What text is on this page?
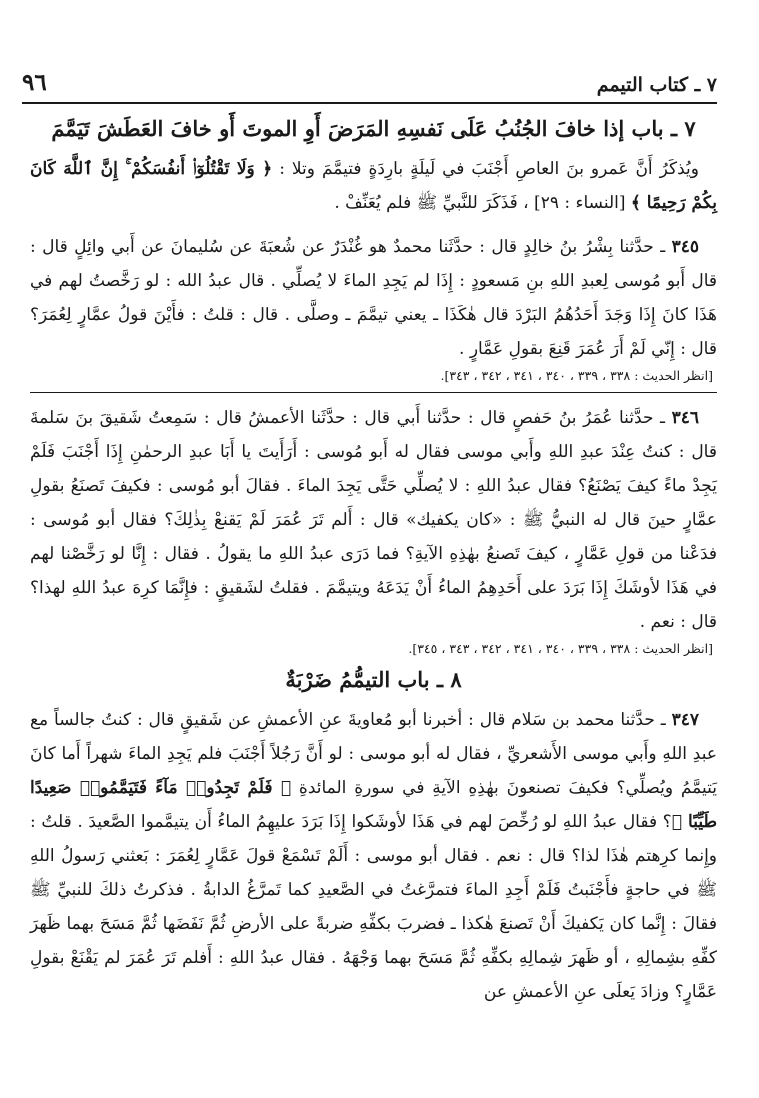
٧ ـ كتاب التيمم
٩٦
٧ ـ باب إذا خافَ الجُنُبُ عَلَى نَفسِهِ المَرَضَ أَوِ الموتَ أَو خافَ العَطَشَ تَيَمَّمَ

ويُذكَرُ أَنَّ عَمرو بنَ العاصِ أَجْنَبَ في لَيلَةٍ بارِدَةٍ فتيمَّمَ وتلا : ﴿ وَلَا تَقْتُلُوٓا۟ أَنفُسَكُمْ ۚ إِنَّ ٱللَّهَ كَانَ بِكُمْ رَحِيمًا ﴾ [النساء : ٢٩] ، فَذَكَرَ للنَّبيِّ ﷺ فلم يُعَنِّفْ .

٣٤٥ ـ حدَّثنا بِشْرُ بنُ خالِدٍ قال : حدَّثَنا محمدٌ هو غُنْدَرٌ عن شُعبَةَ عن سُليمانَ عن أَبي وائِلٍ قال : قال أَبو مُوسى لِعبدِ اللهِ بنِ مَسعودٍ : إِذَا لم يَجِدِ الماءَ لا يُصلِّي . قال عبدُ الله : لو رَخَّصتُ لهم في هَذَا كانَ إِذَا وَجَدَ أَحَدُهُمُ البَرْدَ قال هٰكَذَا ـ يعني تيمَّمَ ـ وصلَّى . قال : قلتُ : فأَيْنَ قولُ عمَّارٍ لِعُمَرَ؟ قال : إِنّي لَمْ أَرَ عُمَرَ قَنِعَ بقولِ عَمَّارٍ .

[انظر الحديث : ٣٣٨ ، ٣٣٩ ، ٣٤٠ ، ٣٤١ ، ٣٤٢ ، ٣٤٣].

٣٤٦ ـ حدَّثنا عُمَرُ بنُ حَفصٍ قال : حدَّثنا أَبي قال : حدَّثَنا الأعمشُ قال : سَمِعتُ شَقيقَ بنَ سَلمةَ قال : كنتُ عِنْدَ عبدِ اللهِ وأَبي موسى فقال له أَبو مُوسى : أَرَأَيتَ يا أَبَا عبدِ الرحمٰنِ إِذَا أَجْنَبَ فَلَمْ يَجِدْ ماءً كيفَ يَصْنَعُ؟ فقال عبدُ اللهِ : لا يُصلِّي حَتَّى يَجِدَ الماءَ . فقالَ أبو مُوسى : فكيفَ تَصنَعُ بقولِ عمَّارٍ حينَ قال له النبيُّ ﷺ : «كان يكفيك» قال : أَلم تَرَ عُمَرَ لَمْ يَقنعْ بِذٰلِكَ؟ فقال أبو مُوسى : فدَعْنا من قولِ عَمَّارٍ ، كيفَ تَصنعُ بهٰذِهِ الآيةِ؟ فما دَرَى عبدُ اللهِ ما يقولُ . فقال : إِنَّا لو رَخَّصْنا لهم في هَذَا لأوشَكَ إِذَا بَرَدَ على أَحَدِهِمُ الماءُ أَنْ يَدَعَهُ ويتيمَّمَ . فقلتُ لشَقيقٍ : فإِنَّمَا كرِهَ عبدُ اللهِ لهذا؟ قال : نعم .

[انظر الحديث : ٣٣٨ ، ٣٣٩ ، ٣٤٠ ، ٣٤١ ، ٣٤٢ ، ٣٤٣ ، ٣٤٥].
٨ ـ باب التيمُّمُ ضَرْبَةٌ

٣٤٧ ـ حدَّثنا محمد بن سَلام قال : أخبرنا أبو مُعاويةَ عنِ الأعمشِ عن شَقيقٍ قال : كنتُ جالساً مع عبدِ اللهِ وأَبي موسى الأَشعريِّ ، فقال له أبو موسى : لو أَنَّ رَجُلاً أَجْنَبَ فلم يَجِدِ الماءَ شهراً أَما كانَ يَتيمَّمُ ويُصلِّي؟ فكيفَ تصنعونَ بهٰذِهِ الآيةِ في سورةِ المائدةِ ﴿ فَلَمْ تَجِدُوا۟ مَآءً فَتَيَمَّمُوا۟ صَعِيدًا طَيِّبًا ﴾؟ فقال عبدُ اللهِ لو رُخِّصَ لهم في هَذَا لأوشَكوا إِذَا بَرَدَ عليهِمُ الماءُ أَن يتيمَّموا الصَّعيدَ . قلتُ : وإِنما كرِهتم هٰذَا لذا؟ قال : نعم . فقال أبو موسى : أَلَمْ تَسْمَعْ قولَ عَمَّارٍ لِعُمَرَ : بَعثني رَسولُ اللهِ ﷺ في حاجةٍ فأَجْنَبتُ فَلَمْ أَجِدِ الماءَ فتمرَّغتُ في الصَّعيدِ كما تَمرَّغُ الدابةُ . فذكرتُ ذلكَ للنبيِّ ﷺ فقالَ : إِنَّما كان يَكفيكَ أَنْ تَصنعَ هٰكذا ـ فضربَ بكفِّهِ ضربةً على الأرضِ ثُمَّ نَفَضَها ثُمَّ مَسَحَ بهما ظَهرَ كفِّهِ بشِمالِهِ ، أو ظَهرَ شِمالِهِ بكفِّهِ ثُمَّ مَسَحَ بهما وَجْهَهُ . فقال عبدُ اللهِ : أَفلم تَرَ عُمَرَ لم يَقْنَعْ بقولِ عَمَّارٍ؟ وزادَ يَعلَى عنِ الأعمشِ عن
